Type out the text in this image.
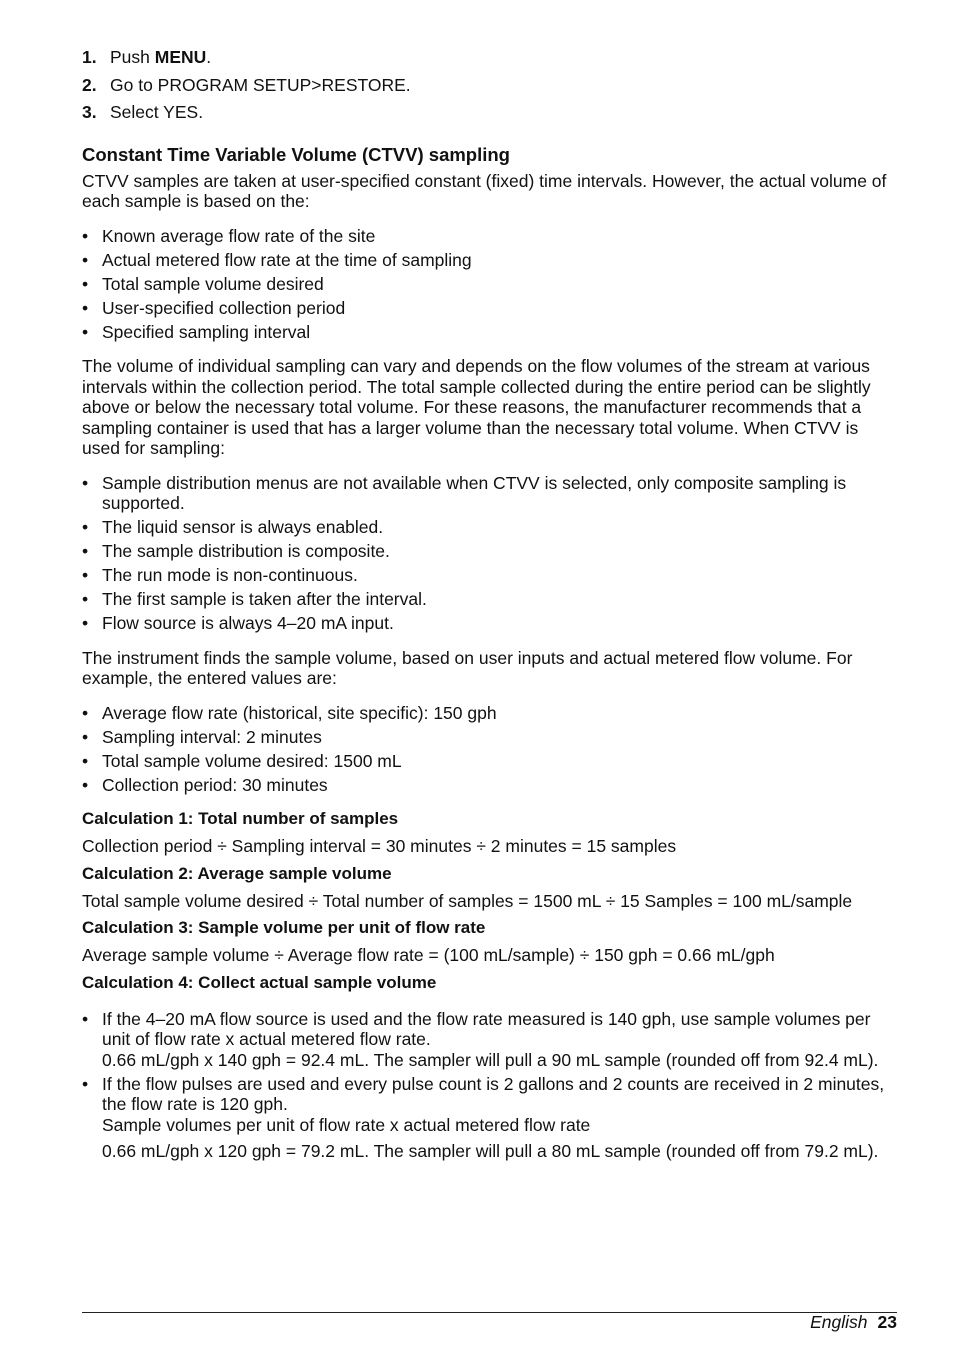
1. Push MENU.
2. Go to PROGRAM SETUP>RESTORE.
3. Select YES.
Constant Time Variable Volume (CTVV) sampling

CTVV samples are taken at user-specified constant (fixed) time intervals. However, the actual volume of each sample is based on the:

• Known average flow rate of the site
• Actual metered flow rate at the time of sampling
• Total sample volume desired
• User-specified collection period
• Specified sampling interval

The volume of individual sampling can vary and depends on the flow volumes of the stream at various intervals within the collection period. The total sample collected during the entire period can be slightly above or below the necessary total volume. For these reasons, the manufacturer recommends that a sampling container is used that has a larger volume than the necessary total volume. When CTVV is used for sampling:

• Sample distribution menus are not available when CTVV is selected, only composite sampling is supported.
• The liquid sensor is always enabled.
• The sample distribution is composite.
• The run mode is non-continuous.
• The first sample is taken after the interval.
• Flow source is always 4–20 mA input.

The instrument finds the sample volume, based on user inputs and actual metered flow volume. For example, the entered values are:

• Average flow rate (historical, site specific): 150 gph
• Sampling interval: 2 minutes
• Total sample volume desired: 1500 mL
• Collection period: 30 minutes
Calculation 1: Total number of samples

Collection period ÷ Sampling interval = 30 minutes ÷ 2 minutes = 15 samples

Calculation 2: Average sample volume

Total sample volume desired ÷ Total number of samples = 1500 mL ÷ 15 Samples = 100 mL/sample

Calculation 3: Sample volume per unit of flow rate

Average sample volume ÷ Average flow rate = (100 mL/sample) ÷ 150 gph = 0.66 mL/gph

Calculation 4: Collect actual sample volume
• If the 4–20 mA flow source is used and the flow rate measured is 140 gph, use sample volumes per unit of flow rate x actual metered flow rate.
0.66 mL/gph x 140 gph = 92.4 mL. The sampler will pull a 90 mL sample (rounded off from 92.4 mL).
• If the flow pulses are used and every pulse count is 2 gallons and 2 counts are received in 2 minutes, the flow rate is 120 gph.
Sample volumes per unit of flow rate x actual metered flow rate
0.66 mL/gph x 120 gph = 79.2 mL. The sampler will pull a 80 mL sample (rounded off from 79.2 mL).
English 23
